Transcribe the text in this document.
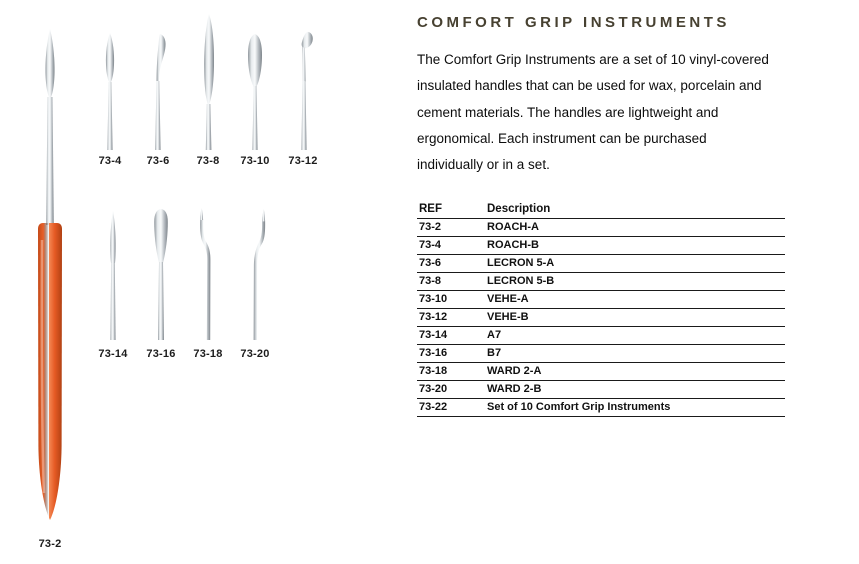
73-2
73-4	73-6	73-8	73-10	73-12
73-14	73-16	73-18	73-20
COMFORT GRIP INSTRUMENTS

The Comfort Grip Instruments are a set of 10 vinyl-covered insulated handles that can be used for wax, porcelain and cement materials. The handles are lightweight and ergonomical. Each instrument can be purchased individually or in a set.

REF	Description
73-2	ROACH-A
73-4	ROACH-B
73-6	LECRON 5-A
73-8	LECRON 5-B
73-10	VEHE-A
73-12	VEHE-B
73-14	A7
73-16	B7
73-18	WARD 2-A
73-20	WARD 2-B
73-22	Set of 10 Comfort Grip Instruments
